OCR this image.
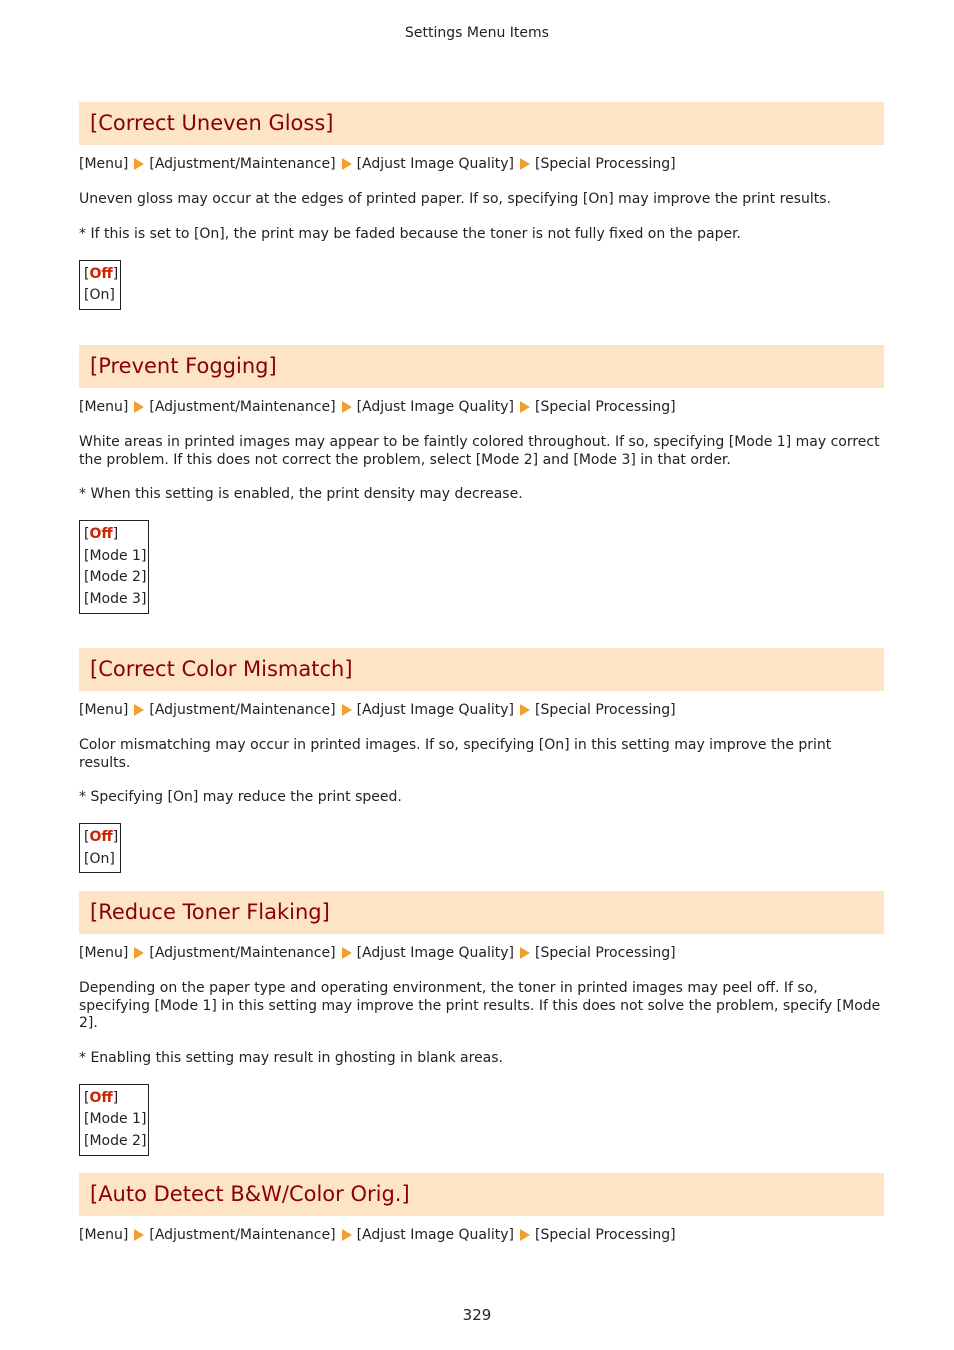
Settings Menu Items
[Correct Uneven Gloss]
[Menu] [Adjustment/Maintenance] [Adjust Image Quality] [Special Processing]
Uneven gloss may occur at the edges of printed paper. If so, specifying [On] may improve the print results.
* If this is set to [On], the print may be faded because the toner is not fully fixed on the paper.
[Off]
[On]
[Prevent Fogging]
[Menu] [Adjustment/Maintenance] [Adjust Image Quality] [Special Processing]
White areas in printed images may appear to be faintly colored throughout. If so, specifying [Mode 1] may correct the problem. If this does not correct the problem, select [Mode 2] and [Mode 3] in that order.
* When this setting is enabled, the print density may decrease.
[Off]
[Mode 1]
[Mode 2]
[Mode 3]
[Correct Color Mismatch]
[Menu] [Adjustment/Maintenance] [Adjust Image Quality] [Special Processing]
Color mismatching may occur in printed images. If so, specifying [On] in this setting may improve the print results.
* Specifying [On] may reduce the print speed.
[Off]
[On]
[Reduce Toner Flaking]
[Menu] [Adjustment/Maintenance] [Adjust Image Quality] [Special Processing]
Depending on the paper type and operating environment, the toner in printed images may peel off. If so, specifying [Mode 1] in this setting may improve the print results. If this does not solve the problem, specify [Mode 2].
* Enabling this setting may result in ghosting in blank areas.
[Off]
[Mode 1]
[Mode 2]
[Auto Detect B&W/Color Orig.]
[Menu] [Adjustment/Maintenance] [Adjust Image Quality] [Special Processing]
329
